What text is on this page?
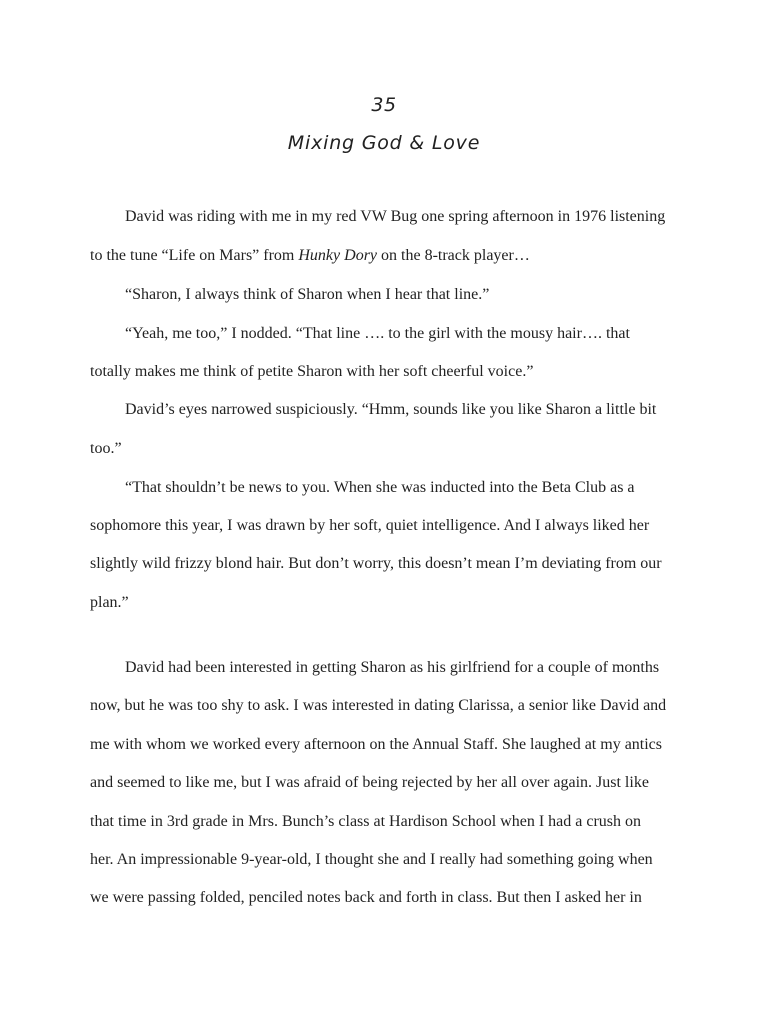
35
Mixing God & Love
David was riding with me in my red VW Bug one spring afternoon in 1976 listening
to the tune “Life on Mars” from Hunky Dory on the 8-track player…
“Sharon, I always think of Sharon when I hear that line.”
“Yeah, me too,” I nodded. “That line …. to the girl with the mousy hair…. that
totally makes me think of petite Sharon with her soft cheerful voice.”
David’s eyes narrowed suspiciously. “Hmm, sounds like you like Sharon a little bit
too.”
“That shouldn’t be news to you. When she was inducted into the Beta Club as a
sophomore this year, I was drawn by her soft, quiet intelligence. And I always liked her
slightly wild frizzy blond hair. But don’t worry, this doesn’t mean I’m deviating from our
plan.”
David had been interested in getting Sharon as his girlfriend for a couple of months
now, but he was too shy to ask. I was interested in dating Clarissa, a senior like David and
me with whom we worked every afternoon on the Annual Staff. She laughed at my antics
and seemed to like me, but I was afraid of being rejected by her all over again. Just like
that time in 3rd grade in Mrs. Bunch’s class at Hardison School when I had a crush on
her. An impressionable 9-year-old, I thought she and I really had something going when
we were passing folded, penciled notes back and forth in class. But then I asked her in
